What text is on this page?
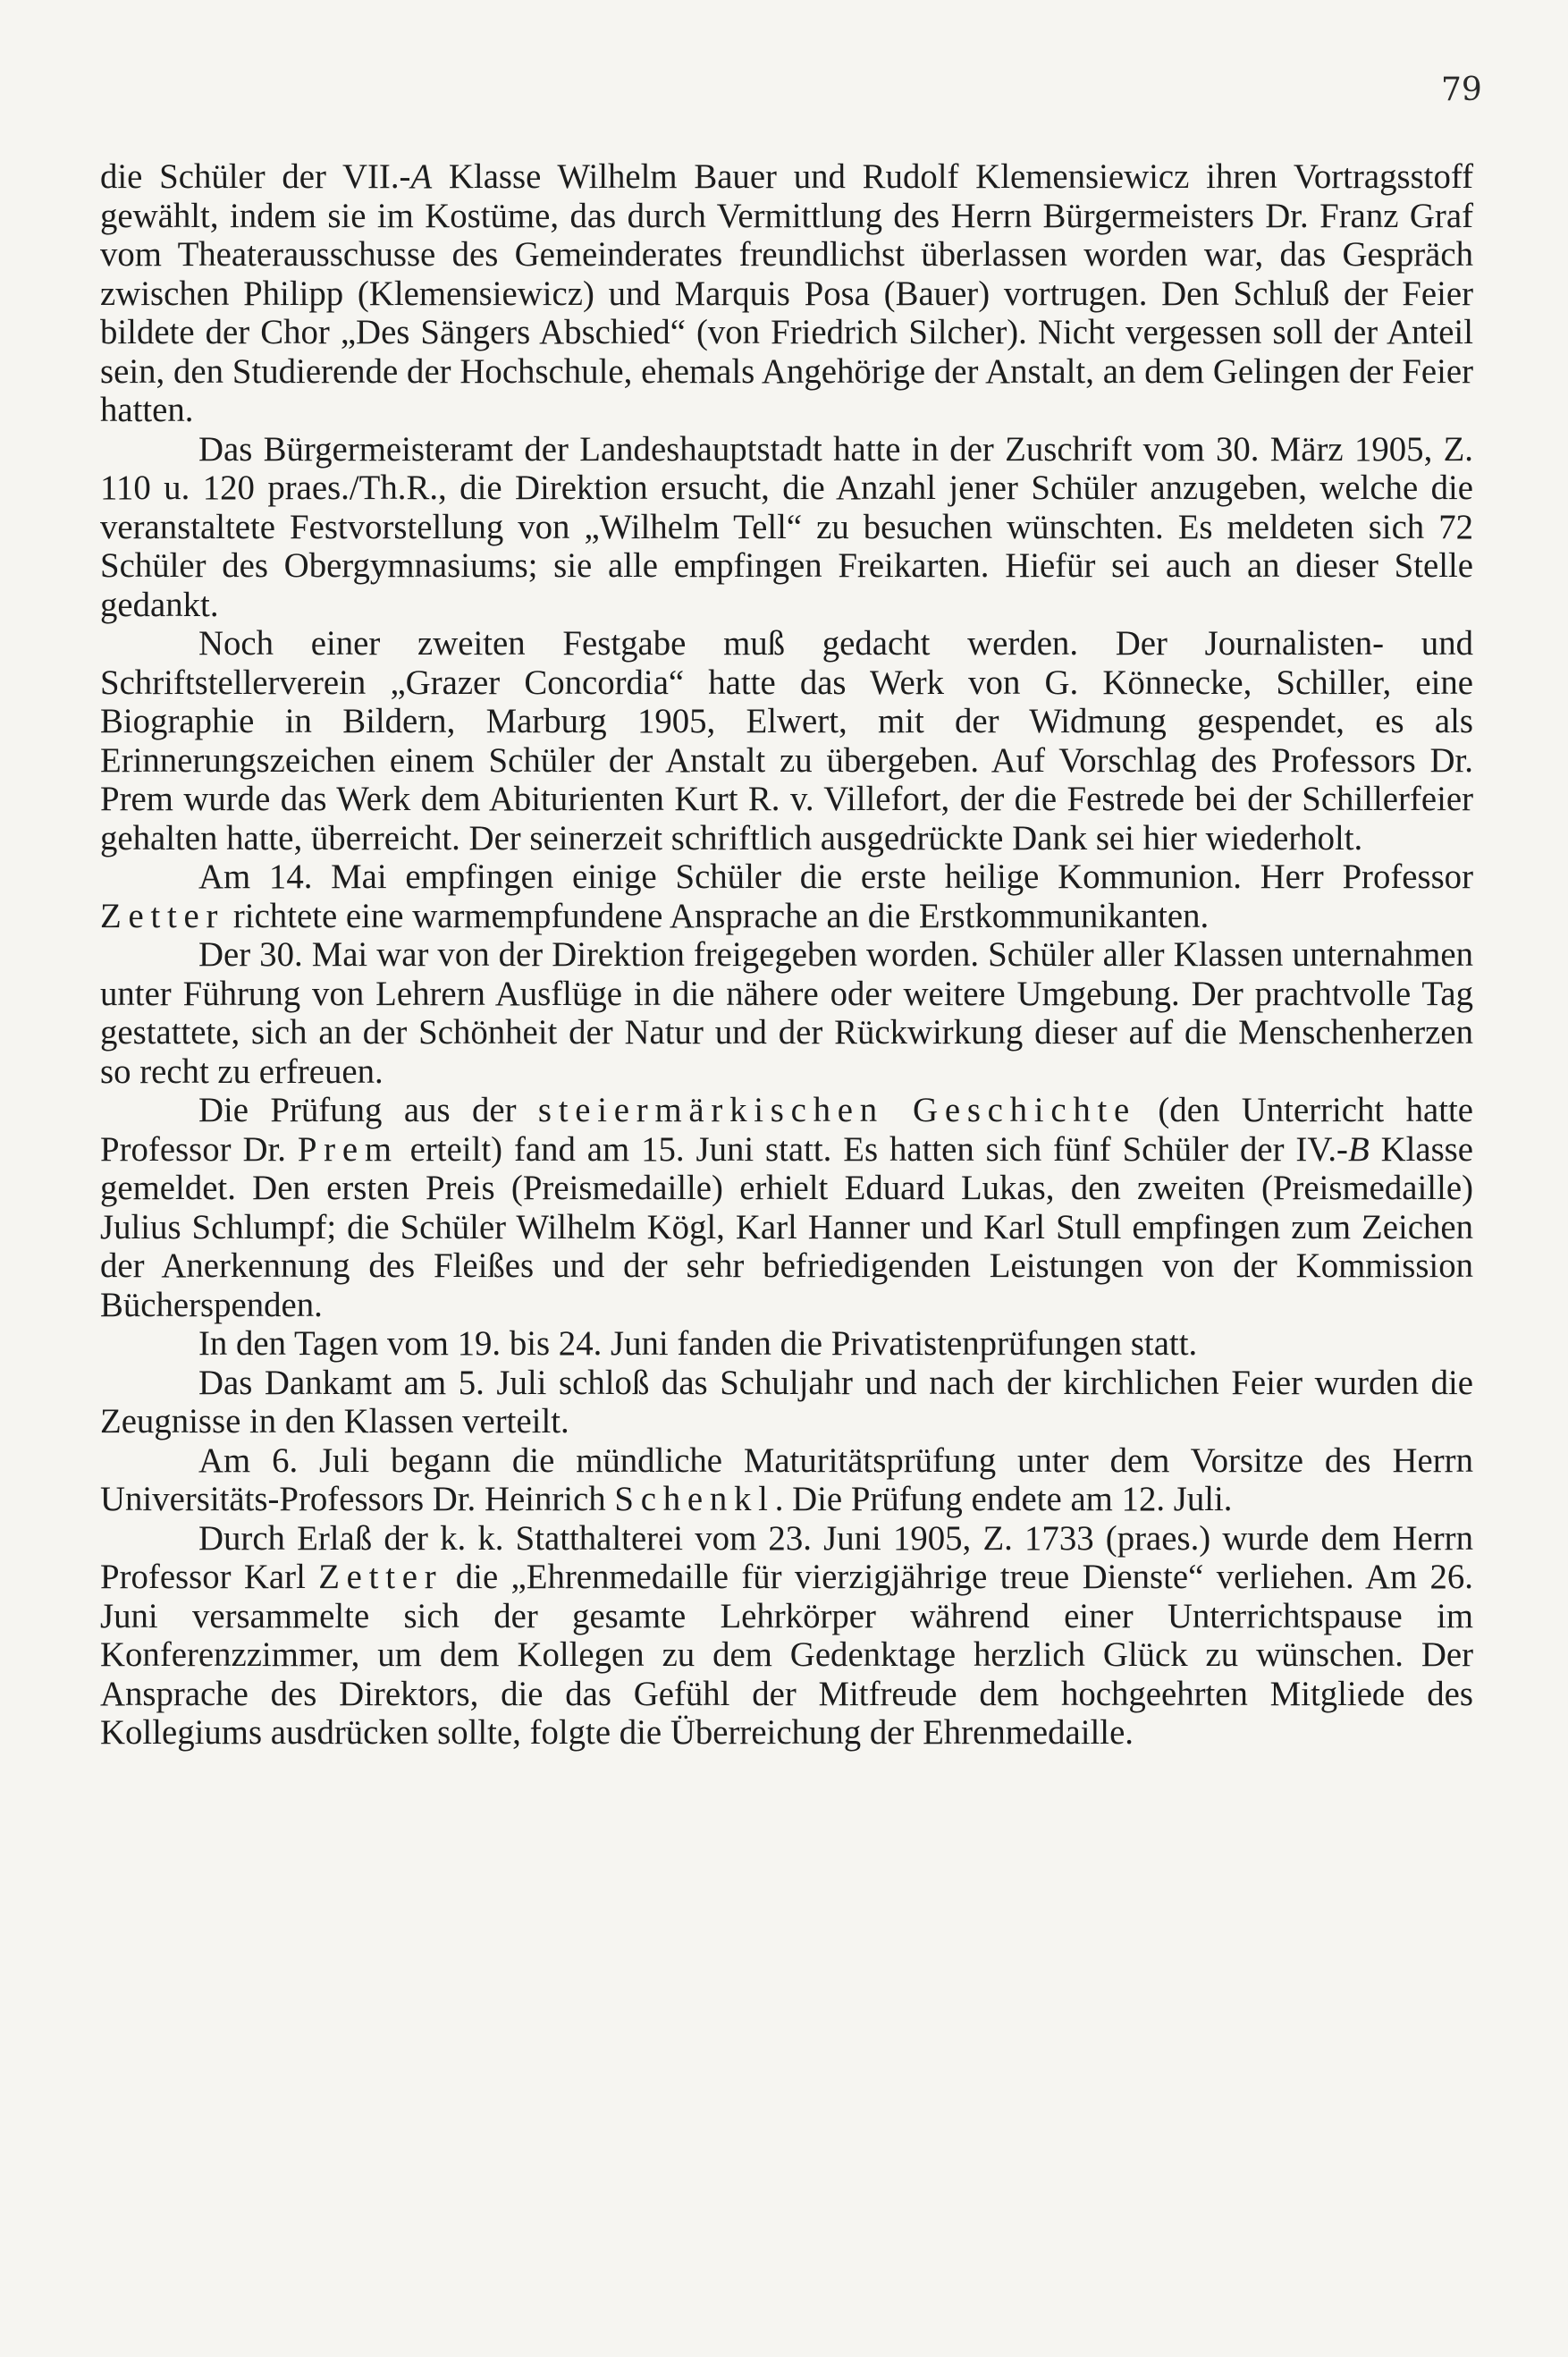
79

die Schüler der VII.-A Klasse Wilhelm Bauer und Rudolf Klemensiewicz ihren Vortragsstoff gewählt, indem sie im Kostüme, das durch Vermittlung des Herrn Bürgermeisters Dr. Franz Graf vom Theaterausschusse des Gemeinderates freundlichst überlassen worden war, das Gespräch zwischen Philipp (Klemensiewicz) und Marquis Posa (Bauer) vortrugen. Den Schluß der Feier bildete der Chor „Des Sängers Abschied“ (von Friedrich Silcher). Nicht vergessen soll der Anteil sein, den Studierende der Hochschule, ehemals Angehörige der Anstalt, an dem Gelingen der Feier hatten.

Das Bürgermeisteramt der Landeshauptstadt hatte in der Zuschrift vom 30. März 1905, Z. 110 u. 120 praes./Th.R., die Direktion ersucht, die Anzahl jener Schüler anzugeben, welche die veranstaltete Festvorstellung von „Wilhelm Tell“ zu besuchen wünschten. Es meldeten sich 72 Schüler des Obergymnasiums; sie alle empfingen Freikarten. Hiefür sei auch an dieser Stelle gedankt.

Noch einer zweiten Festgabe muß gedacht werden. Der Journalisten- und Schriftstellerverein „Grazer Concordia“ hatte das Werk von G. Könnecke, Schiller, eine Biographie in Bildern, Marburg 1905, Elwert, mit der Widmung gespendet, es als Erinnerungszeichen einem Schüler der Anstalt zu übergeben. Auf Vorschlag des Professors Dr. Prem wurde das Werk dem Abiturienten Kurt R. v. Villefort, der die Festrede bei der Schillerfeier gehalten hatte, überreicht. Der seinerzeit schriftlich ausgedrückte Dank sei hier wiederholt.

Am 14. Mai empfingen einige Schüler die erste heilige Kommunion. Herr Professor Zetter richtete eine warmempfundene Ansprache an die Erstkommunikanten.

Der 30. Mai war von der Direktion freigegeben worden. Schüler aller Klassen unternahmen unter Führung von Lehrern Ausflüge in die nähere oder weitere Umgebung. Der prachtvolle Tag gestattete, sich an der Schönheit der Natur und der Rückwirkung dieser auf die Menschenherzen so recht zu erfreuen.

Die Prüfung aus der steiermärkischen Geschichte (den Unterricht hatte Professor Dr. Prem erteilt) fand am 15. Juni statt. Es hatten sich fünf Schüler der IV.-B Klasse gemeldet. Den ersten Preis (Preismedaille) erhielt Eduard Lukas, den zweiten (Preismedaille) Julius Schlumpf; die Schüler Wilhelm Kögl, Karl Hanner und Karl Stull empfingen zum Zeichen der Anerkennung des Fleißes und der sehr befriedigenden Leistungen von der Kommission Bücherspenden.

In den Tagen vom 19. bis 24. Juni fanden die Privatistenprüfungen statt.

Das Dankamt am 5. Juli schloß das Schuljahr und nach der kirchlichen Feier wurden die Zeugnisse in den Klassen verteilt.

Am 6. Juli begann die mündliche Maturitätsprüfung unter dem Vorsitze des Herrn Universitäts-Professors Dr. Heinrich Schenkl. Die Prüfung endete am 12. Juli.

Durch Erlaß der k. k. Statthalterei vom 23. Juni 1905, Z. 1733 (praes.) wurde dem Herrn Professor Karl Zetter die „Ehrenmedaille für vierzigjährige treue Dienste“ verliehen. Am 26. Juni versammelte sich der gesamte Lehrkörper während einer Unterrichtspause im Konferenzzimmer, um dem Kollegen zu dem Gedenktage herzlich Glück zu wünschen. Der Ansprache des Direktors, die das Gefühl der Mitfreude dem hochgeehrten Mitgliede des Kollegiums ausdrücken sollte, folgte die Überreichung der Ehrenmedaille.
